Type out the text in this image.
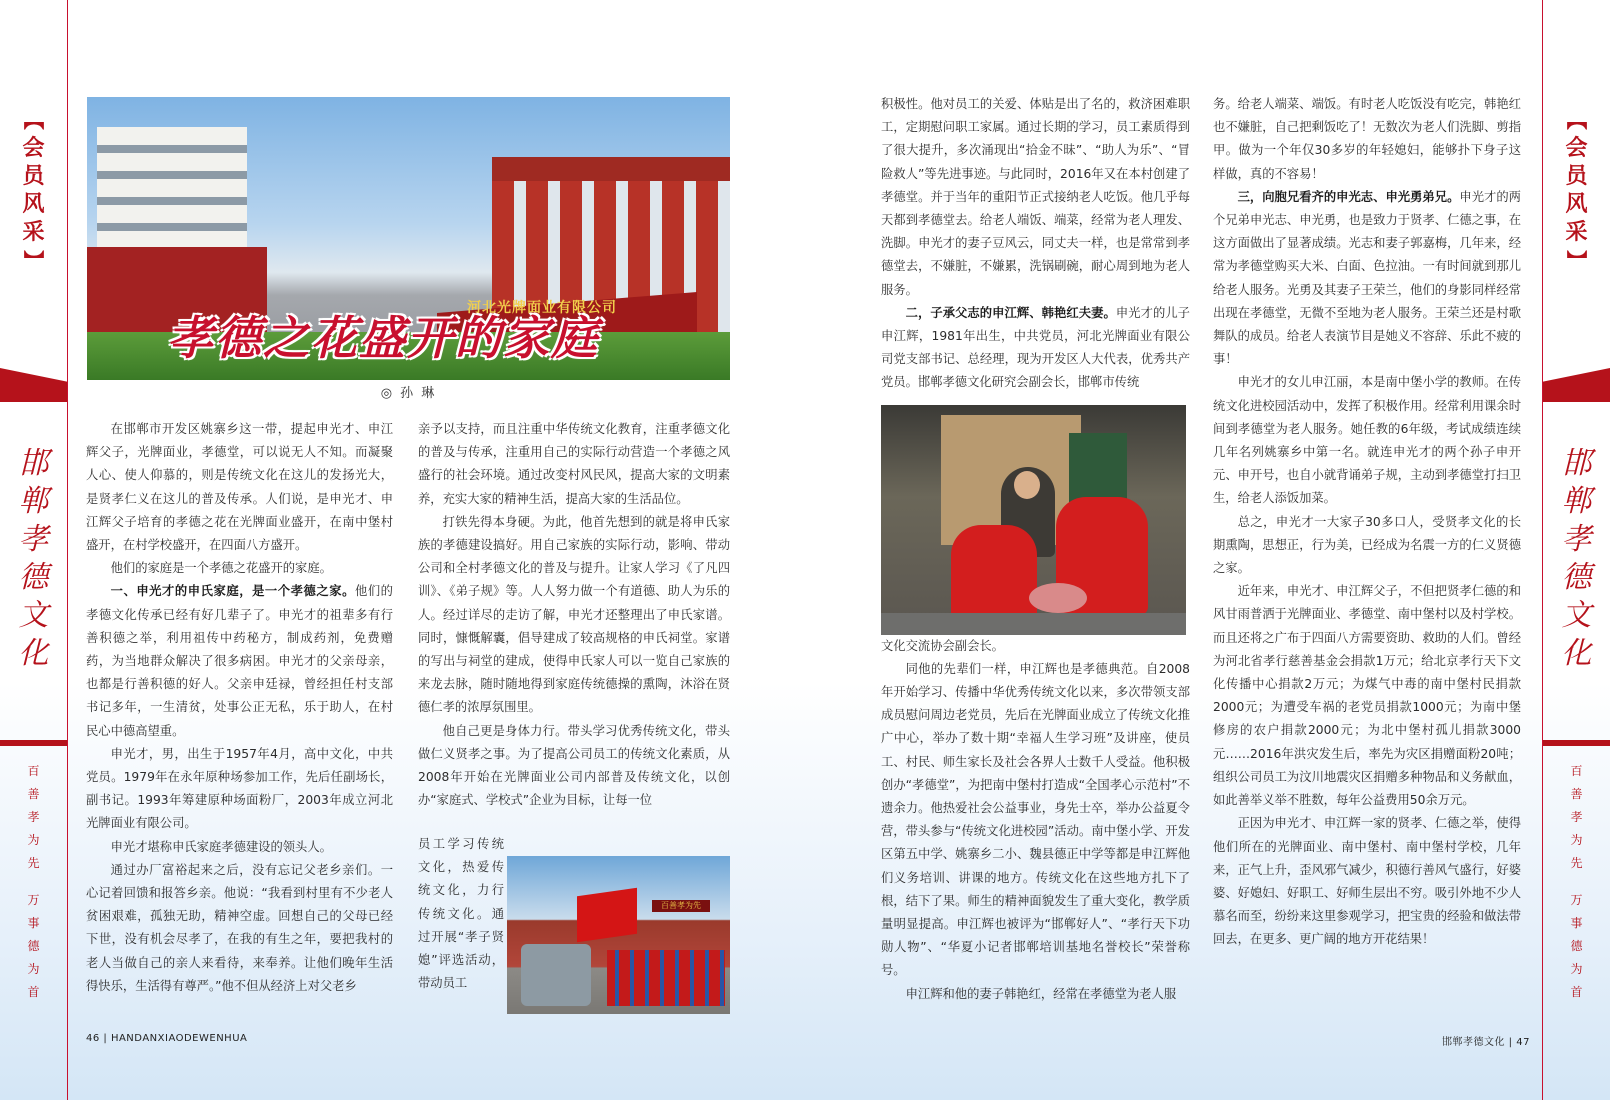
【
会
员
风
采
】
邯
郸
孝
德
文
化
百
善
孝
为
先
万
事
德
为
首
【
会
员
风
采
】
邯
郸
孝
德
文
化
百
善
孝
为
先
万
事
德
为
首
河北光牌面业有限公司
孝德之花盛开的家庭
◎ 孙 琳

在邯郸市开发区姚寨乡这一带，提起申光才、申江辉父子，光牌面业，孝德堂，可以说无人不知。而凝聚人心、使人仰慕的，则是传统文化在这儿的发扬光大，是贤孝仁义在这儿的普及传承。人们说，是申光才、申江辉父子培育的孝德之花在光牌面业盛开，在南中堡村盛开，在村学校盛开，在四面八方盛开。

他们的家庭是一个孝德之花盛开的家庭。

一、申光才的申氏家庭，是一个孝德之家。他们的孝德文化传承已经有好几辈子了。申光才的祖辈多有行善积德之举，利用祖传中药秘方，制成药剂，免费赠药，为当地群众解决了很多病困。申光才的父亲母亲，也都是行善积德的好人。父亲申廷禄，曾经担任村支部书记多年，一生清贫，处事公正无私，乐于助人，在村民心中德高望重。

申光才，男，出生于1957年4月，高中文化，中共党员。1979年在永年原种场参加工作，先后任副场长，副书记。1993年筹建原种场面粉厂，2003年成立河北光牌面业有限公司。

申光才堪称申氏家庭孝德建设的领头人。

通过办厂富裕起来之后，没有忘记父老乡亲们。一心记着回馈和报答乡亲。他说：“我看到村里有不少老人贫困艰难，孤独无助，精神空虚。回想自己的父母已经下世，没有机会尽孝了，在我的有生之年，要把我村的老人当做自己的亲人来看待，来奉养。让他们晚年生活得快乐，生活得有尊严。”他不但从经济上对父老乡

亲予以支持，而且注重中华传统文化教育，注重孝德文化的普及与传承，注重用自己的实际行动营造一个孝德之风盛行的社会环境。通过改变村风民风，提高大家的文明素养，充实大家的精神生活，提高大家的生活品位。

打铁先得本身硬。为此，他首先想到的就是将申氏家族的孝德建设搞好。用自己家族的实际行动，影响、带动公司和全村孝德文化的普及与提升。让家人学习《了凡四训》、《弟子规》等。人人努力做一个有道德、助人为乐的人。经过详尽的走访了解，申光才还整理出了申氏家谱。同时，慷慨解囊，倡导建成了较高规格的申氏祠堂。家谱的写出与祠堂的建成，使得申氏家人可以一览自己家族的来龙去脉，随时随地得到家庭传统德操的熏陶，沐浴在贤德仁孝的浓厚氛围里。

他自己更是身体力行。带头学习优秀传统文化，带头做仁义贤孝之事。为了提高公司员工的传统文化素质，从2008年开始在光牌面业公司内部普及传统文化，以创办“家庭式、学校式”企业为目标，让每一位

员工学习传统文化，热爱传统文化，力行传统文化。通过开展“孝子贤媳”评选活动，带动员工

积极性。他对员工的关爱、体贴是出了名的，救济困难职工，定期慰问职工家属。通过长期的学习，员工素质得到了很大提升，多次涌现出“拾金不昧”、“助人为乐”、“冒险救人”等先进事迹。与此同时，2016年又在本村创建了孝德堂。并于当年的重阳节正式接纳老人吃饭。他几乎每天都到孝德堂去。给老人端饭、端菜，经常为老人理发、洗脚。申光才的妻子豆风云，同丈夫一样，也是常常到孝德堂去，不嫌脏，不嫌累，洗锅刷碗，耐心周到地为老人服务。

二，子承父志的申江辉、韩艳红夫妻。申光才的儿子申江辉，1981年出生，中共党员，河北光牌面业有限公司党支部书记、总经理，现为开发区人大代表，优秀共产党员。邯郸孝德文化研究会副会长，邯郸市传统

文化交流协会副会长。

同他的先辈们一样，申江辉也是孝德典范。自2008年开始学习、传播中华优秀传统文化以来，多次带领支部成员慰问周边老党员，先后在光牌面业成立了传统文化推广中心，举办了数十期“幸福人生学习班”及讲座，使员工、村民、师生家长及社会各界人士数千人受益。他积极创办“孝德堂”，为把南中堡村打造成“全国孝心示范村”不遗余力。他热爱社会公益事业，身先士卒，举办公益夏令营，带头参与“传统文化进校园”活动。南中堡小学、开发区第五中学、姚寨乡二小、魏县德正中学等都是申江辉他们义务培训、讲课的地方。传统文化在这些地方扎下了根，结下了果。师生的精神面貌发生了重大变化，教学质量明显提高。申江辉也被评为“邯郸好人”、“孝行天下功勋人物”、“华夏小记者邯郸培训基地名誉校长”荣誉称号。

申江辉和他的妻子韩艳红，经常在孝德堂为老人服

务。给老人端菜、端饭。有时老人吃饭没有吃完，韩艳红也不嫌脏，自己把剩饭吃了！无数次为老人们洗脚、剪指甲。做为一个年仅30多岁的年轻媳妇，能够扑下身子这样做，真的不容易！

三，向胞兄看齐的申光志、申光勇弟兄。申光才的两个兄弟申光志、申光勇，也是致力于贤孝、仁德之事，在这方面做出了显著成绩。光志和妻子郭嘉梅，几年来，经常为孝德堂购买大米、白面、色拉油。一有时间就到那儿给老人服务。光勇及其妻子王荣兰，他们的身影同样经常出现在孝德堂，无微不至地为老人服务。王荣兰还是村歌舞队的成员。给老人表演节目是她义不容辞、乐此不疲的事！

申光才的女儿申江丽，本是南中堡小学的教师。在传统文化进校园活动中，发挥了积极作用。经常利用课余时间到孝德堂为老人服务。她任教的6年级，考试成绩连续几年名列姚寨乡中第一名。就连申光才的两个孙子申开元、申开号，也自小就背诵弟子规，主动到孝德堂打扫卫生，给老人添饭加菜。

总之，申光才一大家子30多口人，受贤孝文化的长期熏陶，思想正，行为美，已经成为名震一方的仁义贤德之家。

近年来，申光才、申江辉父子，不但把贤孝仁德的和风甘雨普洒于光牌面业、孝德堂、南中堡村以及村学校。而且还将之广布于四面八方需要资助、救助的人们。曾经为河北省孝行慈善基金会捐款1万元；给北京孝行天下文化传播中心捐款2万元；为煤气中毒的南中堡村民捐款2000元；为遭受车祸的老党员捐款1000元；为南中堡修房的农户捐款2000元；为北中堡村孤儿捐款3000元……2016年洪灾发生后，率先为灾区捐赠面粉20吨；组织公司员工为汶川地震灾区捐赠多种物品和义务献血，如此善举义举不胜数，每年公益费用50余万元。

正因为申光才、申江辉一家的贤孝、仁德之举，使得他们所在的光牌面业、南中堡村、南中堡村学校，几年来，正气上升，歪风邪气减少，积德行善风气盛行，好婆婆、好媳妇、好职工、好师生层出不穷。吸引外地不少人慕名而至，纷纷来这里参观学习，把宝贵的经验和做法带回去，在更多、更广阔的地方开花结果！

百善孝为先
46 | HANDANXIAODEWENHUA	邯郸孝德文化 | 47
